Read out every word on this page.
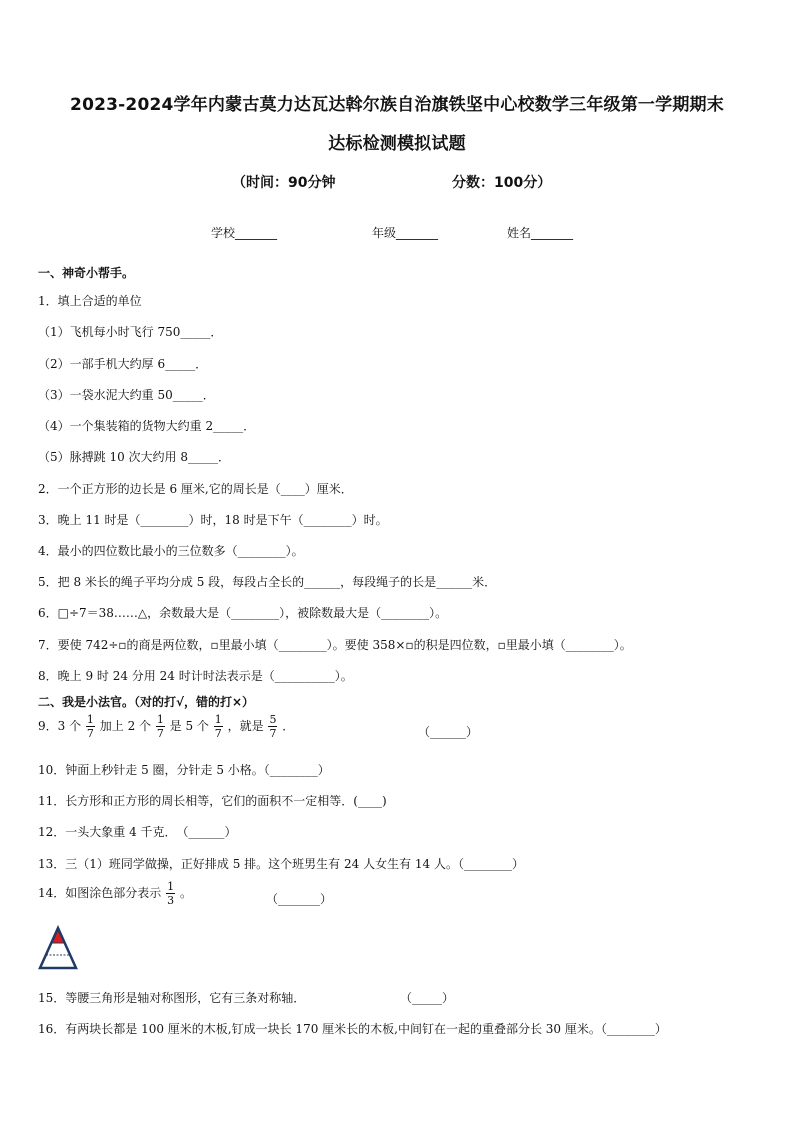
2023-2024学年内蒙古莫力达瓦达斡尔族自治旗铁坚中心校数学三年级第一学期期末
达标检测模拟试题
（时间：90分钟	分数：100分）
学校_______	年级_______	姓名_______
一、神奇小帮手。
1．填上合适的单位
（1）飞机每小时飞行 750_____．
（2）一部手机大约厚 6_____．
（3）一袋水泥大约重 50_____．
（4）一个集装箱的货物大约重 2_____．
（5）脉搏跳 10 次大约用 8_____．
2．一个正方形的边长是 6 厘米,它的周长是（____）厘米．
3．晚上 11 时是（________）时，18 时是下午（________）时。
4．最小的四位数比最小的三位数多（________）。
5．把 8 米长的绳子平均分成 5 段，每段占全长的______，每段绳子的长是______米．
6．□÷7＝38……△，余数最大是（________），被除数最大是（________）。
7．要使 742÷▫的商是两位数，▫里最小填（________）。要使 358×▫的积是四位数，▫里最小填（________）。
8．晚上 9 时 24 分用 24 时计时法表示是（__________）。
二、我是小法官。（对的打√，错的打×）
9．3 个 $\frac{1}{7}$ 加上 2 个 $\frac{1}{7}$ 是 5 个 $\frac{1}{7}$ ，就是 $\frac{5}{7}$ ．	（______）
10．钟面上秒针走 5 圈，分针走 5 小格。（________）
11．长方形和正方形的周长相等，它们的面积不一定相等．(____)
12．一头大象重 4 千克．　（______）
13．三（1）班同学做操，正好排成 5 排。这个班男生有 24 人女生有 14 人。（________）
14．如图涂色部分表示 $\frac{1}{3}$ 。	（_______）
15．等腰三角形是轴对称图形，它有三条对称轴．	（_____）
16．有两块长都是 100 厘米的木板,钉成一块长 170 厘米长的木板,中间钉在一起的重叠部分长 30 厘米。（________）
